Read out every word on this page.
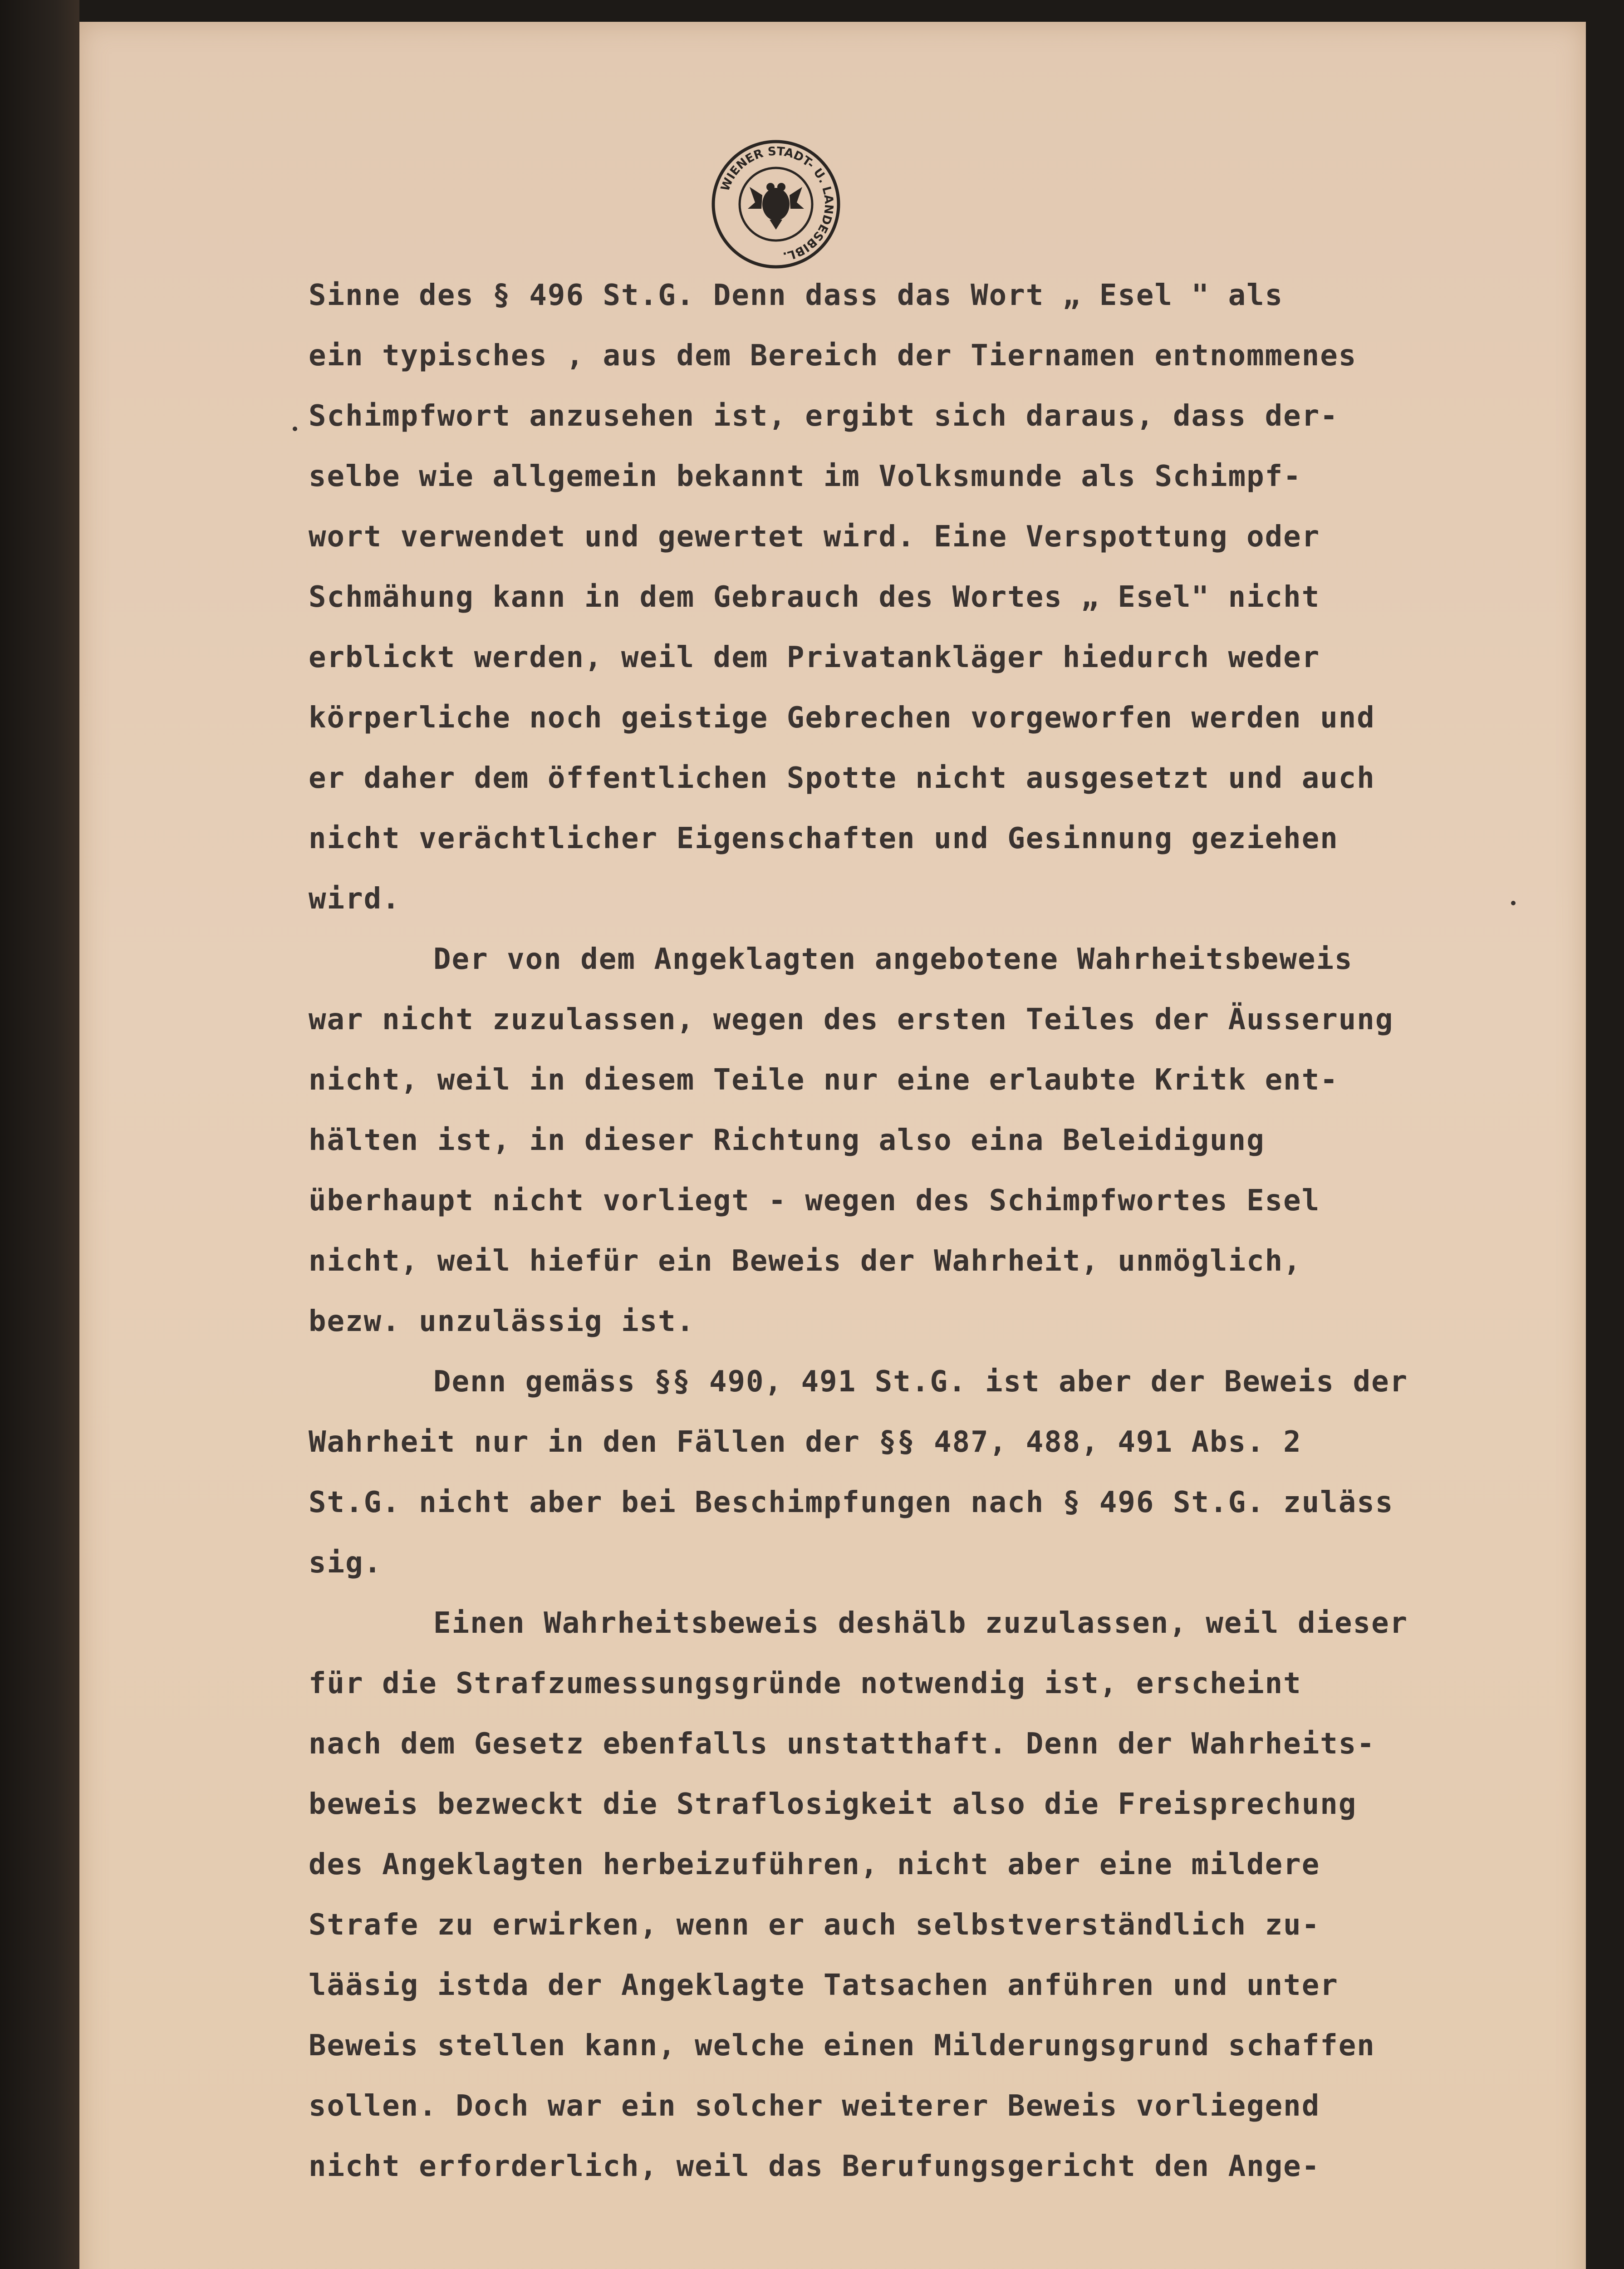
WIENER STADT- U. LANDESBIBL.
Sinne des § 496 St.G. Denn dass das Wort „ Esel " als
ein typisches , aus dem Bereich der Tiernamen entnommenes
Schimpfwort anzusehen ist, ergibt sich daraus, dass der-
selbe wie allgemein bekannt im Volksmunde als Schimpf-
wort verwendet und gewertet wird. Eine Verspottung oder
Schmähung kann in dem Gebrauch des Wortes „ Esel" nicht
erblickt werden, weil dem Privatankläger hiedurch weder
körperliche noch geistige Gebrechen vorgeworfen werden und
er daher dem öffentlichen Spotte nicht ausgesetzt und auch
nicht verächtlicher Eigenschaften und Gesinnung geziehen
wird.
Der von dem Angeklagten angebotene Wahrheitsbeweis
war nicht zuzulassen, wegen des ersten Teiles der Äusserung
nicht, weil in diesem Teile nur eine erlaubte Kritk ent-
hälten ist, in dieser Richtung also eina Beleidigung
überhaupt nicht vorliegt - wegen des Schimpfwortes Esel
nicht, weil hiefür ein Beweis der Wahrheit, unmöglich,
bezw. unzulässig ist.
Denn gemäss §§ 490, 491 St.G. ist aber der Beweis der
Wahrheit nur in den Fällen der §§ 487, 488, 491 Abs. 2
St.G. nicht aber bei Beschimpfungen nach § 496 St.G. zuläss
sig.
Einen Wahrheitsbeweis deshälb zuzulassen, weil dieser
für die Strafzumessungsgründe notwendig ist, erscheint
nach dem Gesetz ebenfalls unstatthaft. Denn der Wahrheits-
beweis bezweckt die Straflosigkeit also die Freisprechung
des Angeklagten herbeizuführen, nicht aber eine mildere
Strafe zu erwirken, wenn er auch selbstverständlich zu-
lääsig istda der Angeklagte Tatsachen anführen und unter
Beweis stellen kann, welche einen Milderungsgrund schaffen
sollen. Doch war ein solcher weiterer Beweis vorliegend
nicht erforderlich, weil das Berufungsgericht den Ange-
